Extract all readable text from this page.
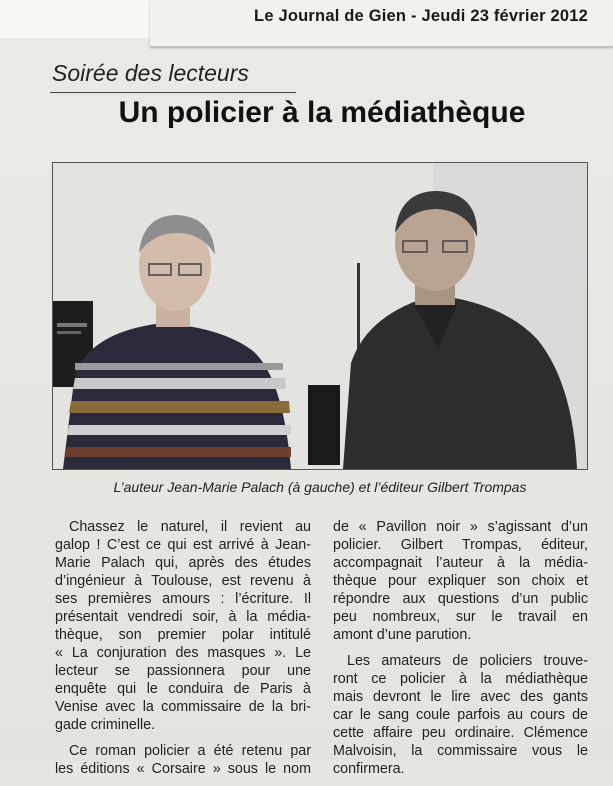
Le Journal de Gien - Jeudi 23 février 2012
Soirée des lecteurs
Un policier à la médiathèque
L’auteur Jean-Marie Palach (à gauche) et l’éditeur Gilbert Trompas

Chassez le naturel, il revient au
galop ! C’est ce qui est arrivé à Jean-
Marie Palach qui, après des études
d’ingénieur à Toulouse, est revenu à
ses premières amours : l’écriture. Il
présentait vendredi soir, à la média-
thèque, son premier polar intitulé
« La conjuration des masques ». Le
lecteur se passionnera pour une
enquête qui le conduira de Paris à
Venise avec la commissaire de la bri-
gade criminelle.

Ce roman policier a été retenu par
les éditions « Corsaire » sous le nom

de « Pavillon noir » s’agissant d’un
policier. Gilbert Trompas, éditeur,
accompagnait l’auteur à la média-
thèque pour expliquer son choix et
répondre aux questions d’un public
peu nombreux, sur le travail en
amont d’une parution.

Les amateurs de policiers trouve-
ront ce policier à la médiathèque
mais devront le lire avec des gants
car le sang coule parfois au cours de
cette affaire peu ordinaire. Clémence
Malvoisin, la commissaire vous le
confirmera.
